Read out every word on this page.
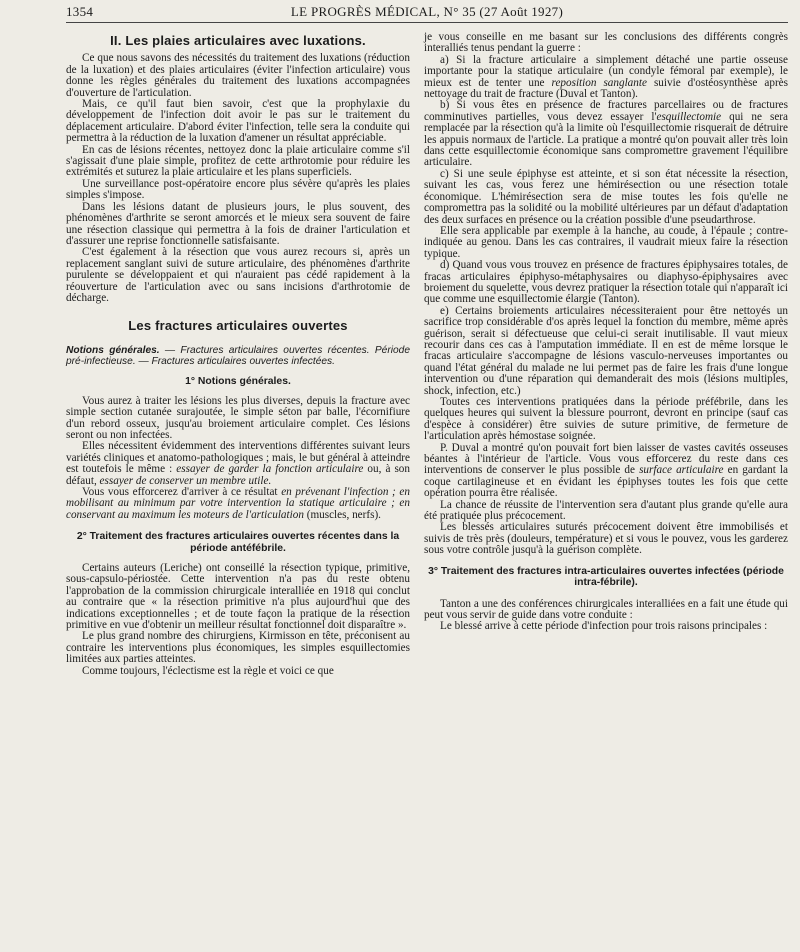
1354	LE PROGRÈS MÉDICAL, N° 35 (27 Août 1927)
II. Les plaies articulaires avec luxations.

Ce que nous savons des nécessités du traitement des luxations (réduction de la luxation) et des plaies articulaires (éviter l'infection articulaire) vous donne les règles générales du traitement des luxations accompagnées d'ouverture de l'articulation.

Mais, ce qu'il faut bien savoir, c'est que la prophylaxie du développement de l'infection doit avoir le pas sur le traitement du déplacement articulaire. D'abord éviter l'infection, telle sera la conduite qui permettra à la réduction de la luxation d'amener un résultat appréciable.

En cas de lésions récentes, nettoyez donc la plaie articulaire comme s'il s'agissait d'une plaie simple, profitez de cette arthrotomie pour réduire les extrémités et suturez la plaie articulaire et les plans superficiels.

Une surveillance post-opératoire encore plus sévère qu'après les plaies simples s'impose.

Dans les lésions datant de plusieurs jours, le plus souvent, des phénomènes d'arthrite se seront amorcés et le mieux sera souvent de faire une résection classique qui permettra à la fois de drainer l'articulation et d'assurer une reprise fonctionnelle satisfaisante.

C'est également à la résection que vous aurez recours si, après un replacement sanglant suivi de suture articulaire, des phénomènes d'arthrite purulente se développaient et qui n'auraient pas cédé rapidement à la réouverture de l'articulation avec ou sans incisions d'arthrotomie de décharge.

Les fractures articulaires ouvertes
Notions générales. — Fractures articulaires ouvertes récentes. Période pré-infectieuse. — Fractures articulaires ouvertes infectées.
1° Notions générales.

Vous aurez à traiter les lésions les plus diverses, depuis la fracture avec simple section cutanée surajoutée, le simple séton par balle, l'écornifiure d'un rebord osseux, jusqu'au broiement articulaire complet. Ces lésions seront ou non infectées.

Elles nécessitent évidemment des interventions différentes suivant leurs variétés cliniques et anatomo-pathologiques ; mais, le but général à atteindre est toutefois le même : essayer de garder la fonction articulaire ou, à son défaut, essayer de conserver un membre utile.

Vous vous efforcerez d'arriver à ce résultat en prévenant l'infection ; en mobilisant au minimum par votre intervention la statique articulaire ; en conservant au maximum les moteurs de l'articulation (muscles, nerfs).

2° Traitement des fractures articulaires ouvertes récentes dans la période antéfébrile.

Certains auteurs (Leriche) ont conseillé la résection typique, primitive, sous-capsulo-périostée. Cette intervention n'a pas du reste obtenu l'approbation de la commission chirurgicale interalliée en 1918 qui conclut au contraire que « la résection primitive n'a plus aujourd'hui que des indications exceptionnelles ; et de toute façon la pratique de la résection primitive en vue d'obtenir un meilleur résultat fonctionnel doit disparaître ».

Le plus grand nombre des chirurgiens, Kirmisson en tête, préconisent au contraire les interventions plus économiques, les simples esquillectomies limitées aux parties atteintes.

Comme toujours, l'éclectisme est la règle et voici ce que

je vous conseille en me basant sur les conclusions des différents congrès interalliés tenus pendant la guerre :

a) Si la fracture articulaire a simplement détaché une partie osseuse importante pour la statique articulaire (un condyle fémoral par exemple), le mieux est de tenter une reposition sanglante suivie d'ostéosynthèse après nettoyage du trait de fracture (Duval et Tanton).

b) Si vous êtes en présence de fractures parcellaires ou de fractures comminutives partielles, vous devez essayer l'esquillectomie qui ne sera remplacée par la résection qu'à la limite où l'esquillectomie risquerait de détruire les appuis normaux de l'article. La pratique a montré qu'on pouvait aller très loin dans cette esquillectomie économique sans compromettre gravement l'équilibre articulaire.

c) Si une seule épiphyse est atteinte, et si son état nécessite la résection, suivant les cas, vous ferez une hémirésection ou une résection totale économique. L'hémirésection sera de mise toutes les fois qu'elle ne compromettra pas la solidité ou la mobilité ultérieures par un défaut d'adaptation des deux surfaces en présence ou la création possible d'une pseudarthrose.

Elle sera applicable par exemple à la hanche, au coude, à l'épaule ; contre-indiquée au genou. Dans les cas contraires, il vaudrait mieux faire la résection typique.

d) Quand vous vous trouvez en présence de fractures épiphysaires totales, de fracas articulaires épiphyso-métaphysaires ou diaphyso-épiphysaires avec broiement du squelette, vous devrez pratiquer la résection totale qui n'apparaît ici que comme une esquillectomie élargie (Tanton).

e) Certains broiements articulaires nécessiteraient pour être nettoyés un sacrifice trop considérable d'os après lequel la fonction du membre, même après guérison, serait si défectueuse que celui-ci serait inutilisable. Il vaut mieux recourir dans ces cas à l'amputation immédiate. Il en est de même lorsque le fracas articulaire s'accompagne de lésions vasculo-nerveuses importantes ou quand l'état général du malade ne lui permet pas de faire les frais d'une longue intervention ou d'une réparation qui demanderait des mois (lésions multiples, shock, infection, etc.)

Toutes ces interventions pratiquées dans la période préfébrile, dans les quelques heures qui suivent la blessure pourront, devront en principe (sauf cas d'espèce à considérer) être suivies de suture primitive, de fermeture de l'articulation après hémostase soignée.

P. Duval a montré qu'on pouvait fort bien laisser de vastes cavités osseuses béantes à l'intérieur de l'article. Vous vous efforcerez du reste dans ces interventions de conserver le plus possible de surface articulaire en gardant la coque cartilagineuse et en évidant les épiphyses toutes les fois que cette opération pourra être réalisée.

La chance de réussite de l'intervention sera d'autant plus grande qu'elle aura été pratiquée plus précocement.

Les blessés articulaires suturés précocement doivent être immobilisés et suivis de très près (douleurs, température) et si vous le pouvez, vous les garderez sous votre contrôle jusqu'à la guérison complète.

3° Traitement des fractures intra-articulaires ouvertes infectées (période intra-fébrile).

Tanton a une des conférences chirurgicales interalliées en a fait une étude qui peut vous servir de guide dans votre conduite :

Le blessé arrive à cette période d'infection pour trois raisons principales :
